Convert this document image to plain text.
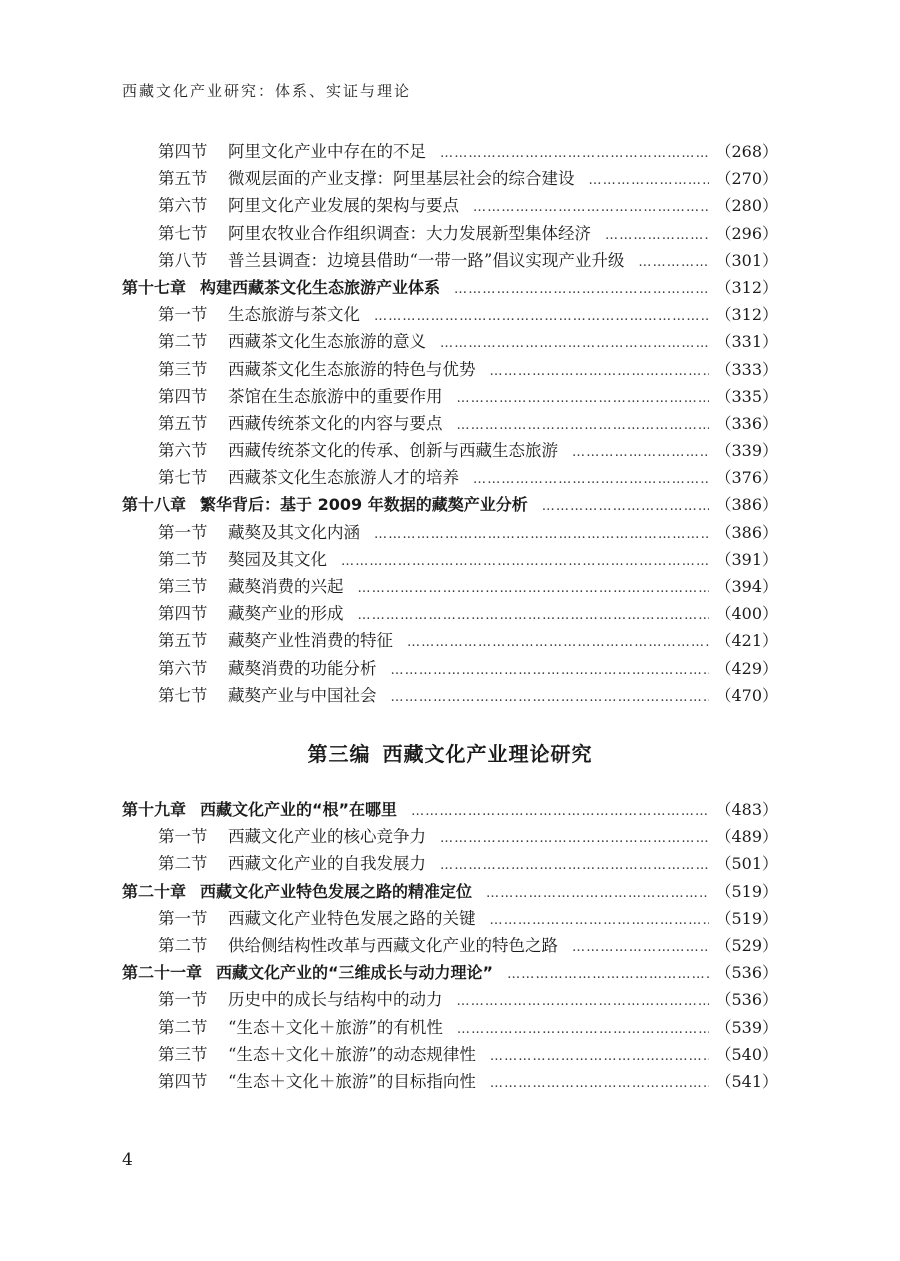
西藏文化产业研究：体系、实证与理论
第四节	阿里文化产业中存在的不足 ……………………………………………………………………………………………………………………………………………………………………	（268）
第五节	微观层面的产业支撑：阿里基层社会的综合建设 ……………………………………………………………………………………………………………………………………………………………………	（270）
第六节	阿里文化产业发展的架构与要点 ……………………………………………………………………………………………………………………………………………………………………	（280）
第七节	阿里农牧业合作组织调查：大力发展新型集体经济 ……………………………………………………………………………………………………………………………………………………………………	（296）
第八节	普兰县调查：边境县借助“一带一路”倡议实现产业升级 ……………………………………………………………………………………………………………………………………………………………………	（301）
第十七章 构建西藏茶文化生态旅游产业体系 ……………………………………………………………………………………………………………………………………………………………………	（312）
第一节	生态旅游与茶文化 ……………………………………………………………………………………………………………………………………………………………………	（312）
第二节	西藏茶文化生态旅游的意义 ……………………………………………………………………………………………………………………………………………………………………	（331）
第三节	西藏茶文化生态旅游的特色与优势 ……………………………………………………………………………………………………………………………………………………………………	（333）
第四节	茶馆在生态旅游中的重要作用 ……………………………………………………………………………………………………………………………………………………………………	（335）
第五节	西藏传统茶文化的内容与要点 ……………………………………………………………………………………………………………………………………………………………………	（336）
第六节	西藏传统茶文化的传承、创新与西藏生态旅游 ……………………………………………………………………………………………………………………………………………………………………	（339）
第七节	西藏茶文化生态旅游人才的培养 ……………………………………………………………………………………………………………………………………………………………………	（376）
第十八章 繁华背后：基于 2009 年数据的藏獒产业分析 ……………………………………………………………………………………………………………………………………………………………………	（386）
第一节	藏獒及其文化内涵 ……………………………………………………………………………………………………………………………………………………………………	（386）
第二节	獒园及其文化 ……………………………………………………………………………………………………………………………………………………………………	（391）
第三节	藏獒消费的兴起 ……………………………………………………………………………………………………………………………………………………………………	（394）
第四节	藏獒产业的形成 ……………………………………………………………………………………………………………………………………………………………………	（400）
第五节	藏獒产业性消费的特征 ……………………………………………………………………………………………………………………………………………………………………	（421）
第六节	藏獒消费的功能分析 ……………………………………………………………………………………………………………………………………………………………………	（429）
第七节	藏獒产业与中国社会 ……………………………………………………………………………………………………………………………………………………………………	（470）
第三编 西藏文化产业理论研究
第十九章 西藏文化产业的“根”在哪里 ……………………………………………………………………………………………………………………………………………………………………	（483）
第一节	西藏文化产业的核心竞争力 ……………………………………………………………………………………………………………………………………………………………………	（489）
第二节	西藏文化产业的自我发展力 ……………………………………………………………………………………………………………………………………………………………………	（501）
第二十章 西藏文化产业特色发展之路的精准定位 ……………………………………………………………………………………………………………………………………………………………………	（519）
第一节	西藏文化产业特色发展之路的关键 ……………………………………………………………………………………………………………………………………………………………………	（519）
第二节	供给侧结构性改革与西藏文化产业的特色之路 ……………………………………………………………………………………………………………………………………………………………………	（529）
第二十一章 西藏文化产业的“三维成长与动力理论” ……………………………………………………………………………………………………………………………………………………………………	（536）
第一节	历史中的成长与结构中的动力 ……………………………………………………………………………………………………………………………………………………………………	（536）
第二节	“生态＋文化＋旅游”的有机性 ……………………………………………………………………………………………………………………………………………………………………	（539）
第三节	“生态＋文化＋旅游”的动态规律性 ……………………………………………………………………………………………………………………………………………………………………	（540）
第四节	“生态＋文化＋旅游”的目标指向性 ……………………………………………………………………………………………………………………………………………………………………	（541）
4
